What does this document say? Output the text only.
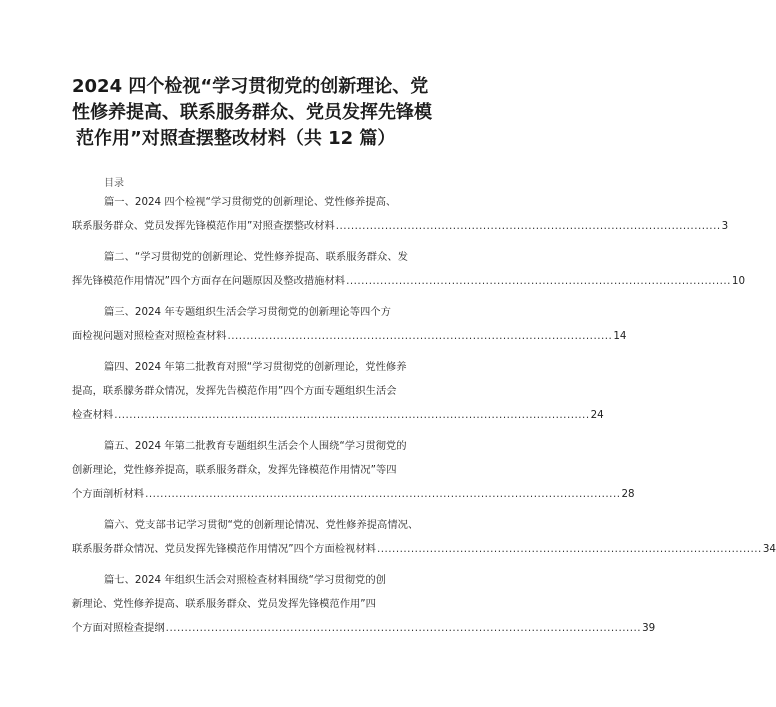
2024 四个检视“学习贯彻党的创新理论、党
性修养提高、联系服务群众、党员发挥先锋模
范作用”对照查摆整改材料（共 12 篇）
目录
篇一、2024 四个检视“学习贯彻党的创新理论、党性修养提高、
联系服务群众、党员发挥先锋模范作用”对照查摆整改材料 ...................................................................................................... 3
篇二、“学习贯彻党的创新理论、党性修养提高、联系服务群众、发
挥先锋模范作用情况”四个方面存在问题原因及整改措施材料 ...................................................................................................... 10
篇三、2024 年专题组织生活会学习贯彻党的创新理论等四个方
面检视问题对照检查对照检查材料 ...................................................................................................... 14
篇四、2024 年第二批教育对照“学习贯彻党的创新理论，党性修养
提高，联系朦务群众情况，发挥先告模范作用”四个方面专题组织生活会
检查材料 .............................................................................................................................. 24
篇五、2024 年第二批教育专题组织生活会个人围绕“学习贯彻党的
创新理论，党性修养提高，联系服务群众，发挥先锋模范作用情况”等四
个方面剖析材料 .............................................................................................................................. 28
篇六、党支部书记学习贯彻“党的创新理论情况、党性修养提高情况、
联系服务群众情况、党员发挥先锋模范作用情况”四个方面检视材料 ...................................................................................................... 34
篇七、2024 年组织生活会对照检查材料围绕“学习贯彻党的创
新理论、党性修养提高、联系服务群众、党员发挥先锋模范作用”四
个方面对照检查提纲 .............................................................................................................................. 39
